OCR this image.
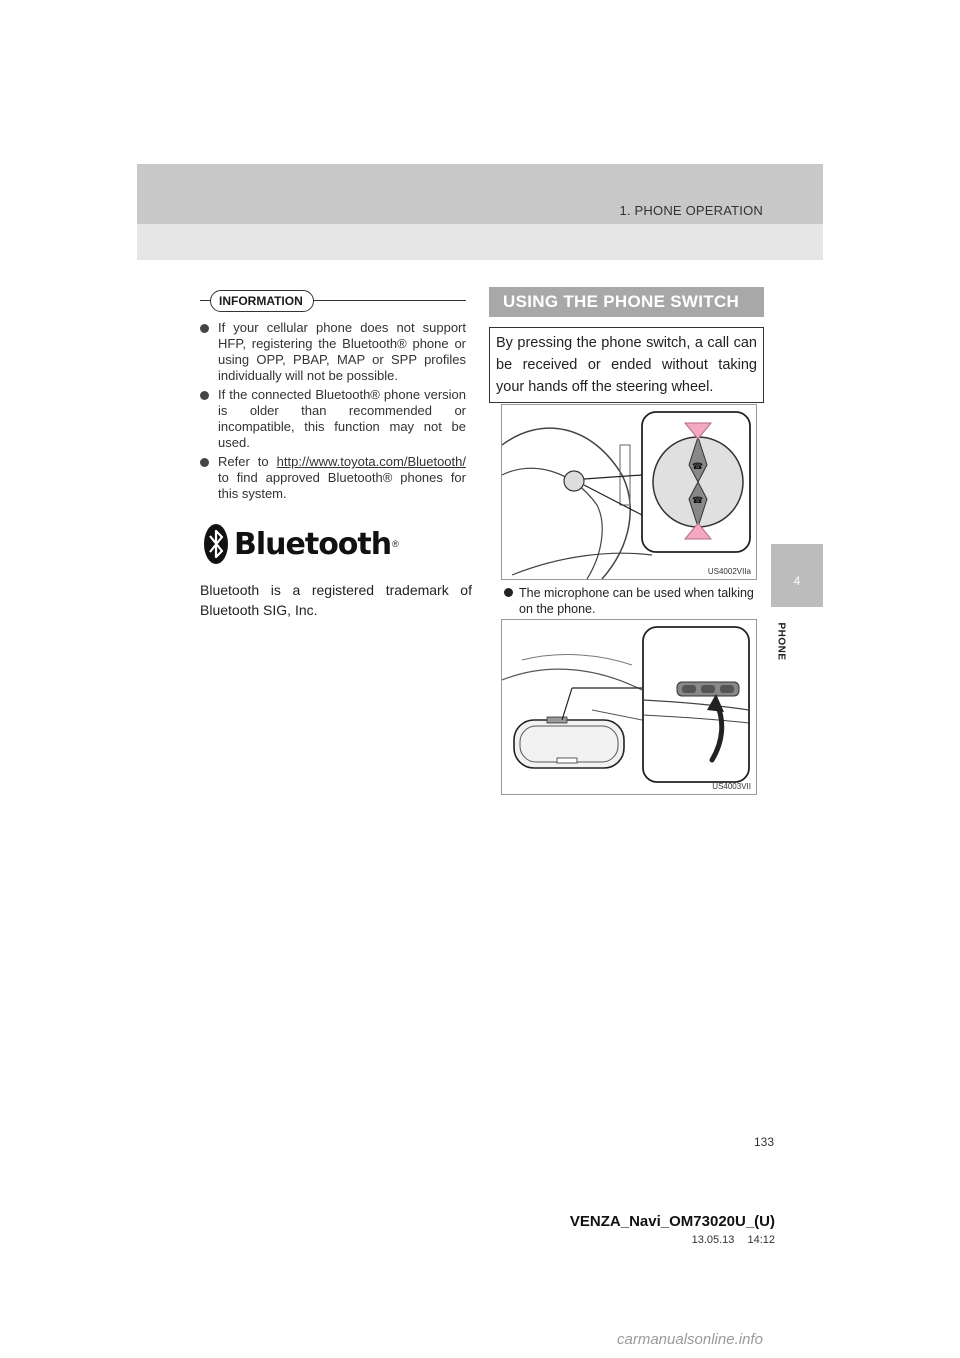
1. PHONE OPERATION
4
PHONE
INFORMATION
If your cellular phone does not support HFP, registering the Bluetooth® phone or using OPP, PBAP, MAP or SPP profiles individually will not be possible.
If the connected Bluetooth® phone version is older than recommended or incompatible, this function may not be used.
Refer to http://www.toyota.com/Bluetooth/ to find approved Bluetooth® phones for this system.
Bluetooth ®
Bluetooth is a registered trademark of Bluetooth SIG, Inc.
USING THE PHONE SWITCH
By pressing the phone switch, a call can be received or ended without taking your hands off the steering wheel.
☎
☎
US4002VIIa
The microphone can be used when talking on the phone.
US4003VII
133
VENZA_Navi_OM73020U_(U)
13.05.13 14:12
carmanualsonline.info
